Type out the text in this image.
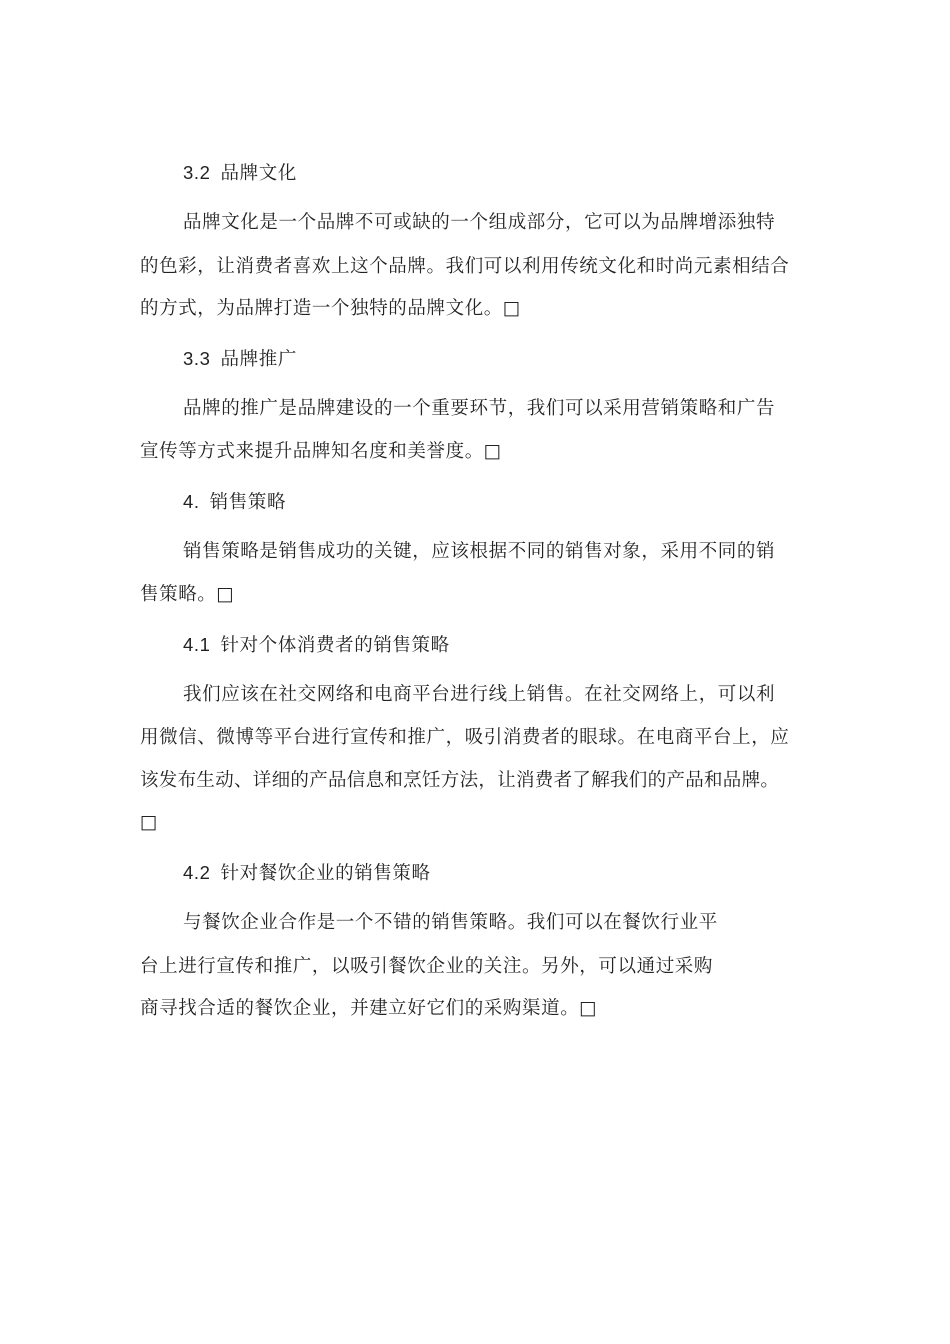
3.2 品牌文化
品牌文化是一个品牌不可或缺的一个组成部分，它可以为品牌增添独特
的色彩，让消费者喜欢上这个品牌。我们可以利用传统文化和时尚元素相结合
的方式，为品牌打造一个独特的品牌文化。□
3.3 品牌推广
品牌的推广是品牌建设的一个重要环节，我们可以采用营销策略和广告
宣传等方式来提升品牌知名度和美誉度。□
4. 销售策略
销售策略是销售成功的关键，应该根据不同的销售对象，采用不同的销
售策略。□
4.1 针对个体消费者的销售策略
我们应该在社交网络和电商平台进行线上销售。在社交网络上，可以利
用微信、微博等平台进行宣传和推广，吸引消费者的眼球。在电商平台上，应
该发布生动、详细的产品信息和烹饪方法，让消费者了解我们的产品和品牌。
□
4.2 针对餐饮企业的销售策略
与餐饮企业合作是一个不错的销售策略。我们可以在餐饮行业平
台上进行宣传和推广，以吸引餐饮企业的关注。另外，可以通过采购
商寻找合适的餐饮企业，并建立好它们的采购渠道。□
